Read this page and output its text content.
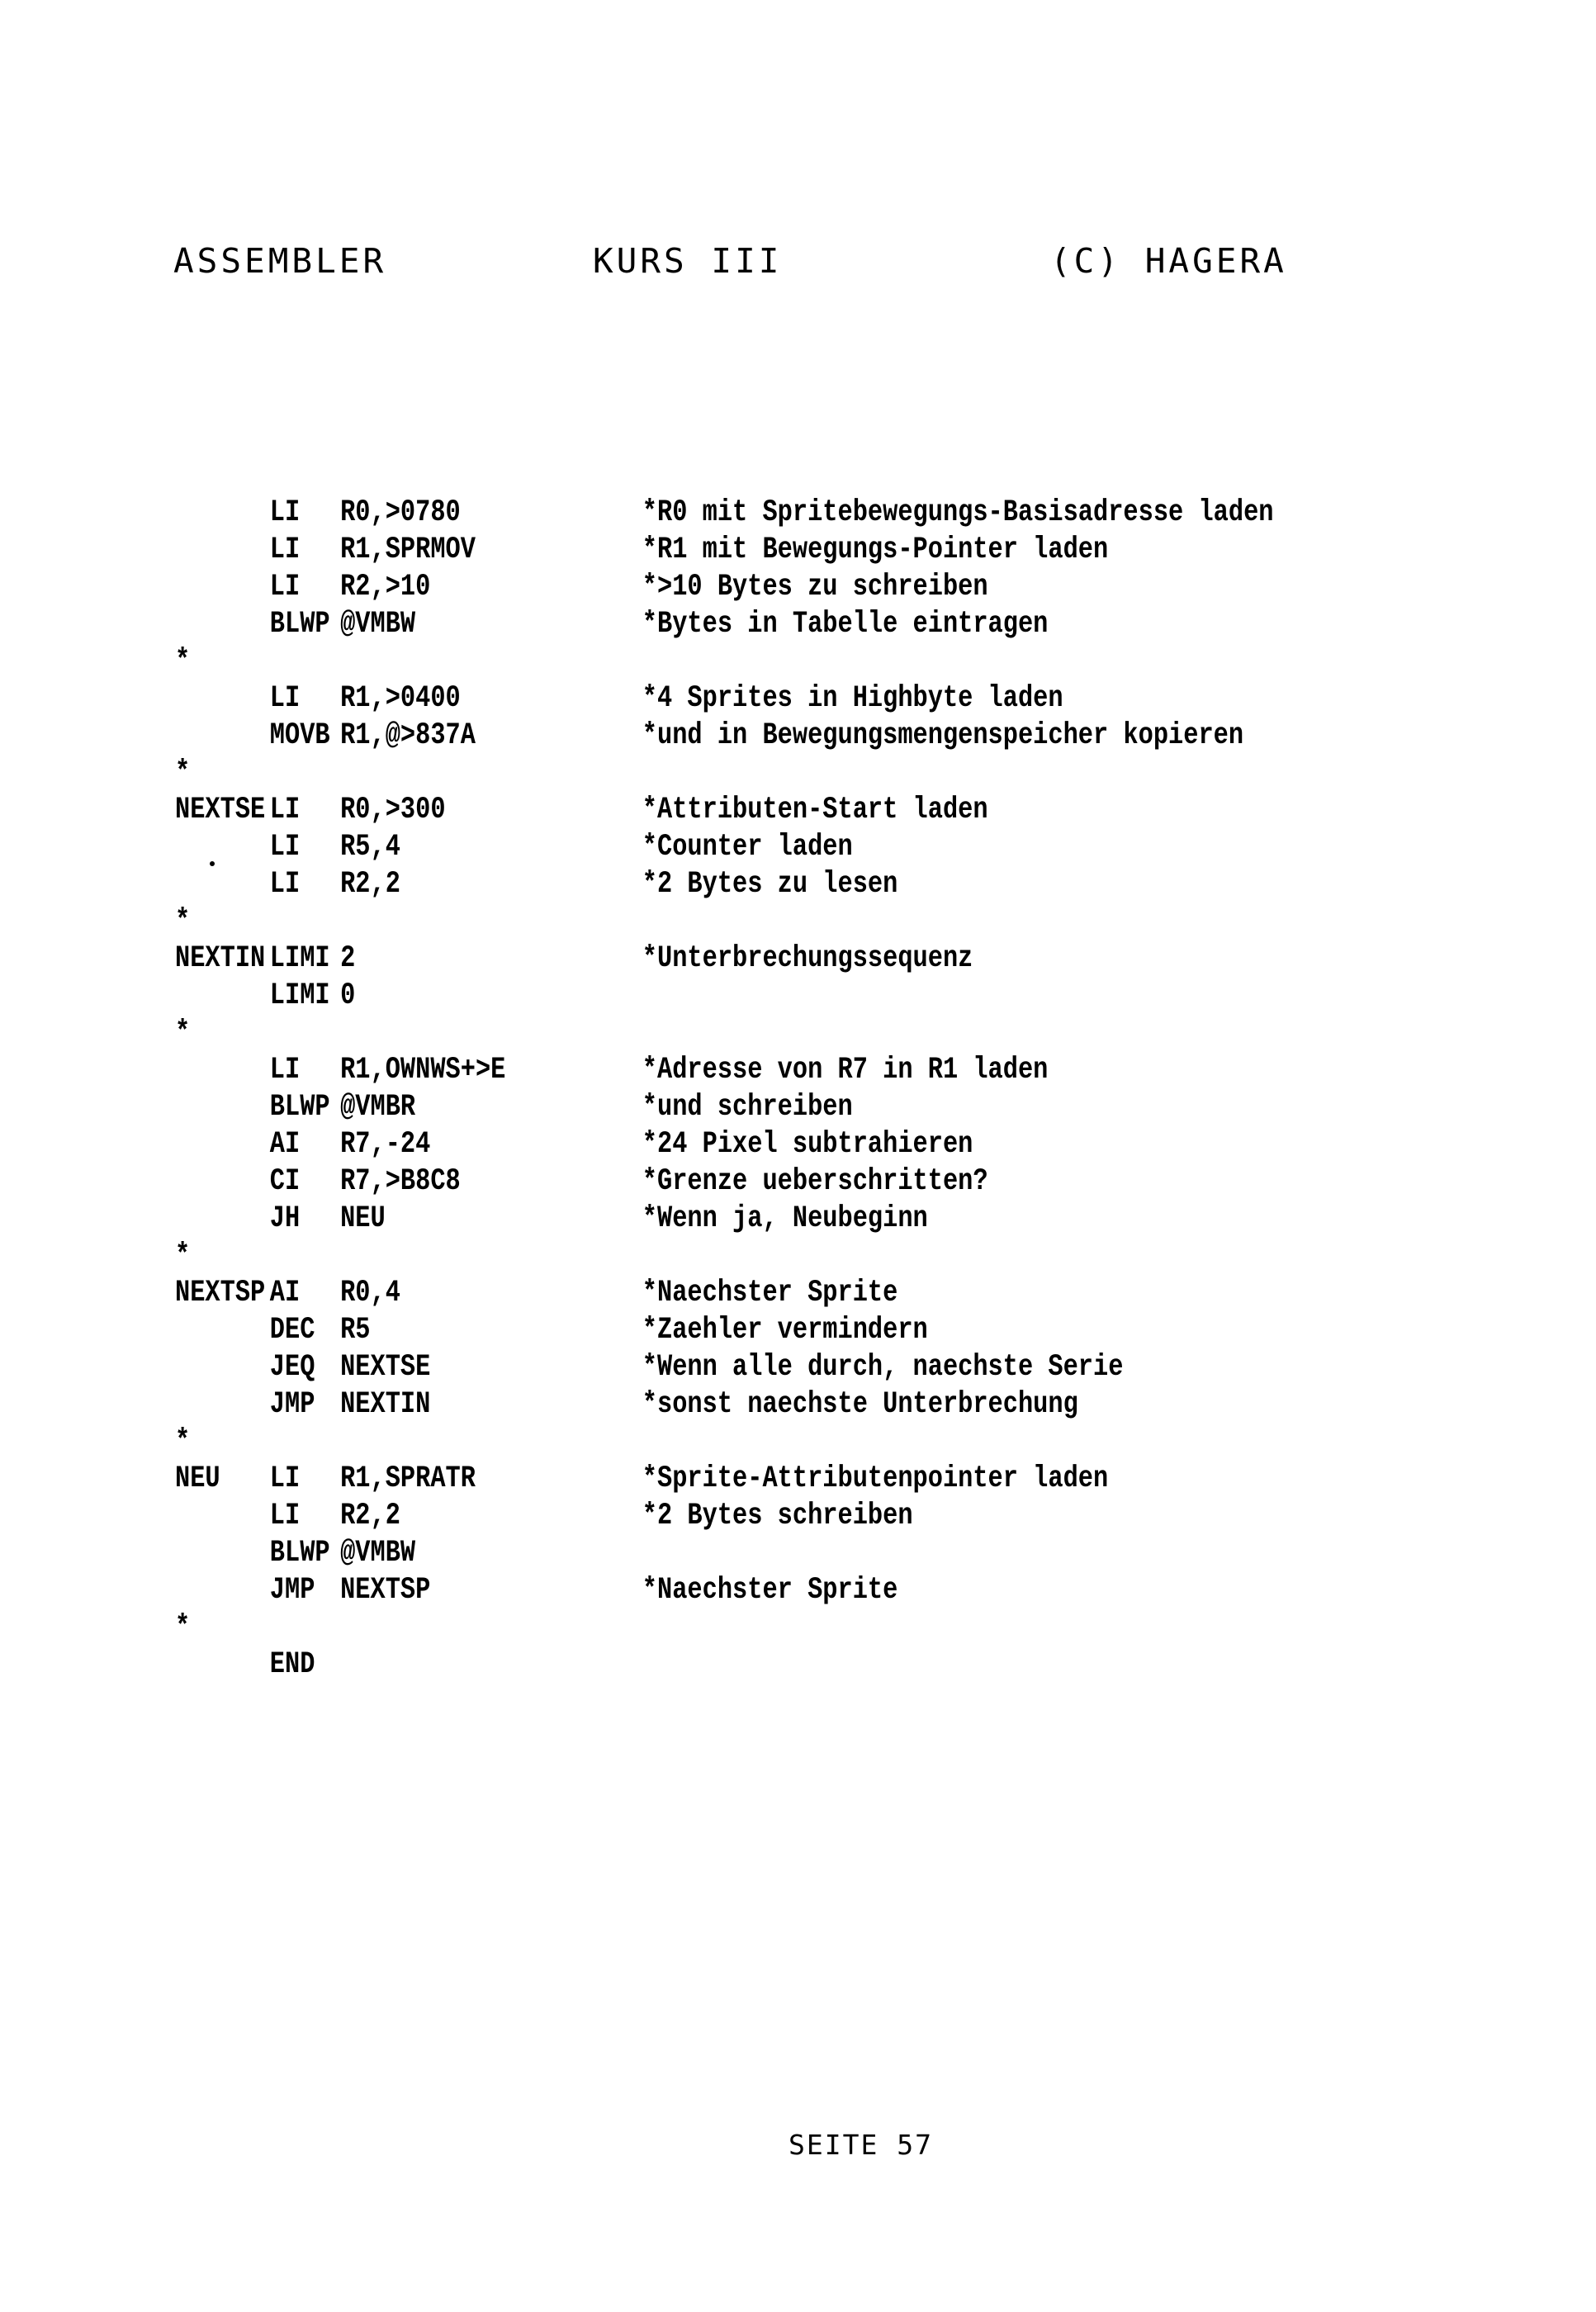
ASSEMBLER	KURS III	(C) HAGERA
LI R0,>0780	*R0 mit Spritebewegungs-Basisadresse laden
LI R1,SPRMOV	*R1 mit Bewegungs-Pointer laden
LI R2,>10	*>10 Bytes zu schreiben
BLWP @VMBW	*Bytes in Tabelle eintragen
*
LI R1,>0400	*4 Sprites in Highbyte laden
MOVB R1,@>837A	*und in Bewegungsmengenspeicher kopieren
*
NEXTSE LI R0,>300	*Attributen-Start laden
LI R5,4	*Counter laden
LI R2,2	*2 Bytes zu lesen
*
NEXTIN LIMI 2	*Unterbrechungssequenz
LIMI 0
*
LI R1,OWNWS+>E	*Adresse von R7 in R1 laden
BLWP @VMBR	*und schreiben
AI R7,-24	*24 Pixel subtrahieren
CI R7,>B8C8	*Grenze ueberschritten?
JH NEU	*Wenn ja, Neubeginn
*
NEXTSP AI R0,4	*Naechster Sprite
DEC R5	*Zaehler vermindern
JEQ NEXTSE	*Wenn alle durch, naechste Serie
JMP NEXTIN	*sonst naechste Unterbrechung
*
NEU LI R1,SPRATR	*Sprite-Attributenpointer laden
LI R2,2	*2 Bytes schreiben
BLWP @VMBW
JMP NEXTSP	*Naechster Sprite
*
END
SEITE 57
